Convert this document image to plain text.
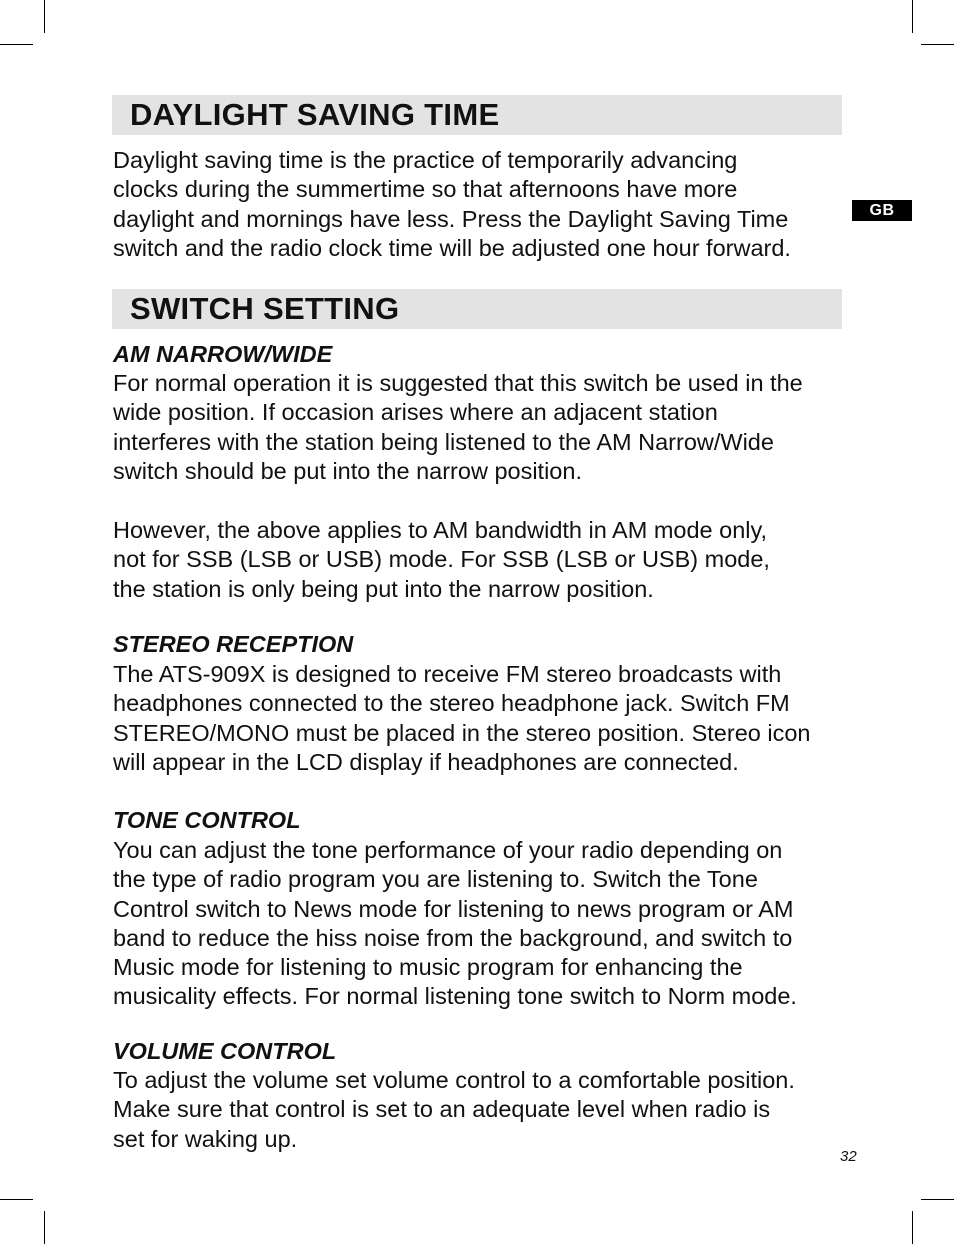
GB
DAYLIGHT SAVING TIME
Daylight saving time is the practice of temporarily advancing
clocks during the summertime so that afternoons have more
daylight and mornings have less. Press the Daylight Saving Time
switch and the radio clock time will be adjusted one hour forward.
SWITCH SETTING
AM NARROW/WIDE
For normal operation it is suggested that this switch be used in the
wide position. If occasion arises where an adjacent station
interferes with the station being listened to the AM Narrow/Wide
switch should be put into the narrow position.
However, the above applies to AM bandwidth in AM mode only,
not for SSB (LSB or USB) mode. For SSB (LSB or USB) mode,
the station is only being put into the narrow position.
STEREO RECEPTION
The ATS-909X is designed to receive FM stereo broadcasts with
headphones connected to the stereo headphone jack. Switch FM
STEREO/MONO must be placed in the stereo position. Stereo icon
will appear in the LCD display if headphones are connected.
TONE CONTROL
You can adjust the tone performance of your radio depending on
the type of radio program you are listening to. Switch the Tone
Control switch to News mode for listening to news program or AM
band to reduce the hiss noise from the background, and switch to
Music mode for listening to music program for enhancing the
musicality effects. For normal listening tone switch to Norm mode.
VOLUME CONTROL
To adjust the volume set volume control to a comfortable position.
Make sure that control is set to an adequate level when radio is
set for waking up.
32
